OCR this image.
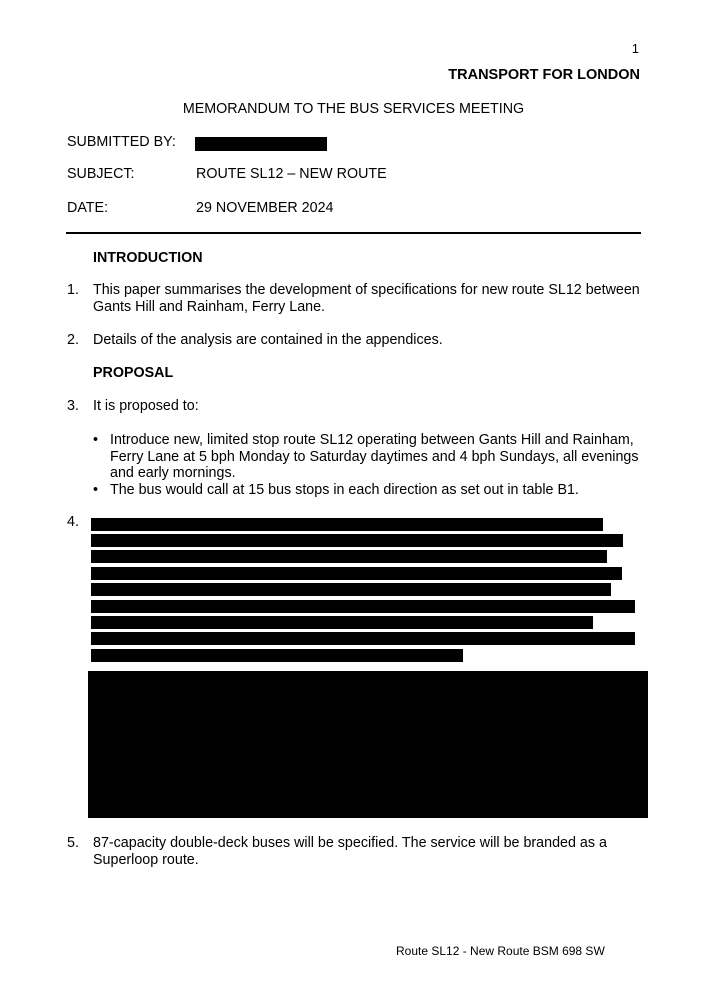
1
TRANSPORT FOR LONDON
MEMORANDUM TO THE BUS SERVICES MEETING
SUBMITTED BY:
SUBJECT:	ROUTE SL12 – NEW ROUTE
DATE:	29 NOVEMBER 2024
INTRODUCTION
1. This paper summarises the development of specifications for new route SL12 between
Gants Hill and Rainham, Ferry Lane.
2. Details of the analysis are contained in the appendices.
PROPOSAL
3. It is proposed to:
• Introduce new, limited stop route SL12 operating between Gants Hill and Rainham,
Ferry Lane at 5 bph Monday to Saturday daytimes and 4 bph Sundays, all evenings
and early mornings.
• The bus would call at 15 bus stops in each direction as set out in table B1.
4.
5. 87-capacity double-deck buses will be specified. The service will be branded as a
Superloop route.
Route SL12 - New Route BSM 698 SW
